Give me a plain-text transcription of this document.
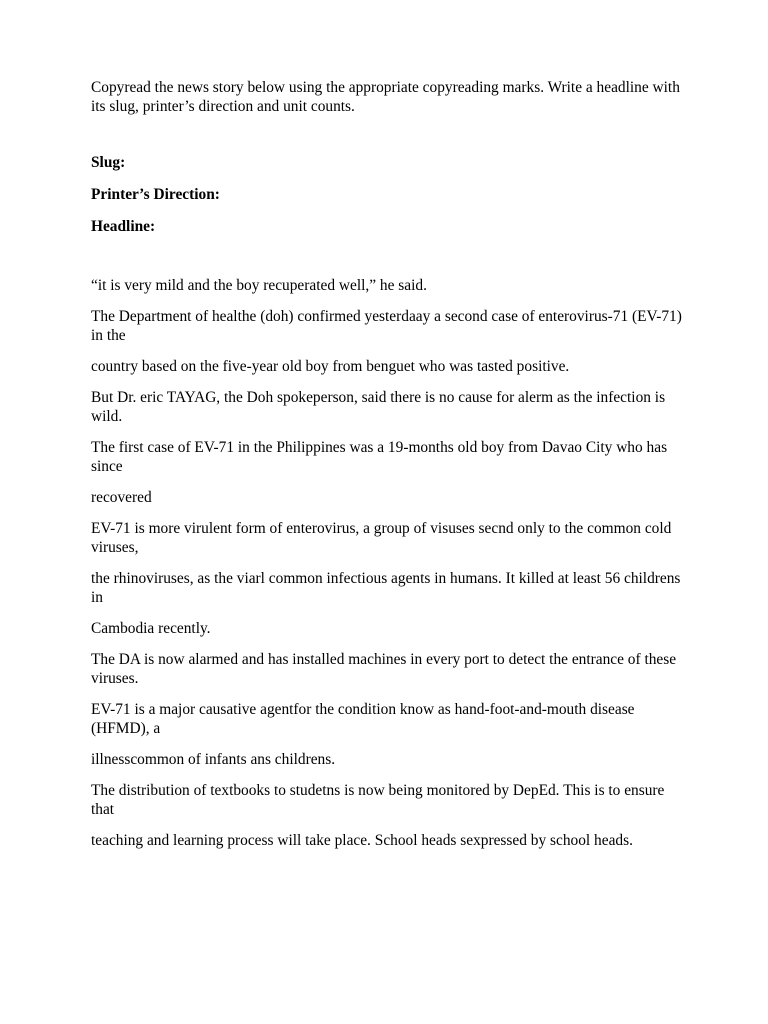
Copyread the news story below using the appropriate copyreading marks. Write a headline with its slug, printer’s direction and unit counts.

Slug:

Printer’s Direction:

Headline:

“it is very mild and the boy recuperated well,” he said.

The Department of healthe (doh) confirmed yesterdaay a second case of enterovirus-71 (EV-71) in the

country based on the five-year old boy from benguet who was tasted positive.

But Dr. eric TAYAG, the Doh spokeperson, said there is no cause for alerm as the infection is wild.

The first case of EV-71 in the Philippines was a 19-months old boy from Davao City who has since

recovered

EV-71 is more virulent form of enterovirus, a group of visuses secnd only to the common cold viruses,

the rhinoviruses, as the viarl common infectious agents in humans. It killed at least 56 childrens in

Cambodia recently.

The DA is now alarmed and has installed machines in every port to detect the entrance of these viruses.

EV-71 is a major causative agentfor the condition know as hand-foot-and-mouth disease (HFMD), a

illnesscommon of infants ans childrens.

The distribution of textbooks to studetns is now being monitored by DepEd. This is to ensure that

teaching and learning process will take place. School heads sexpressed by school heads.
